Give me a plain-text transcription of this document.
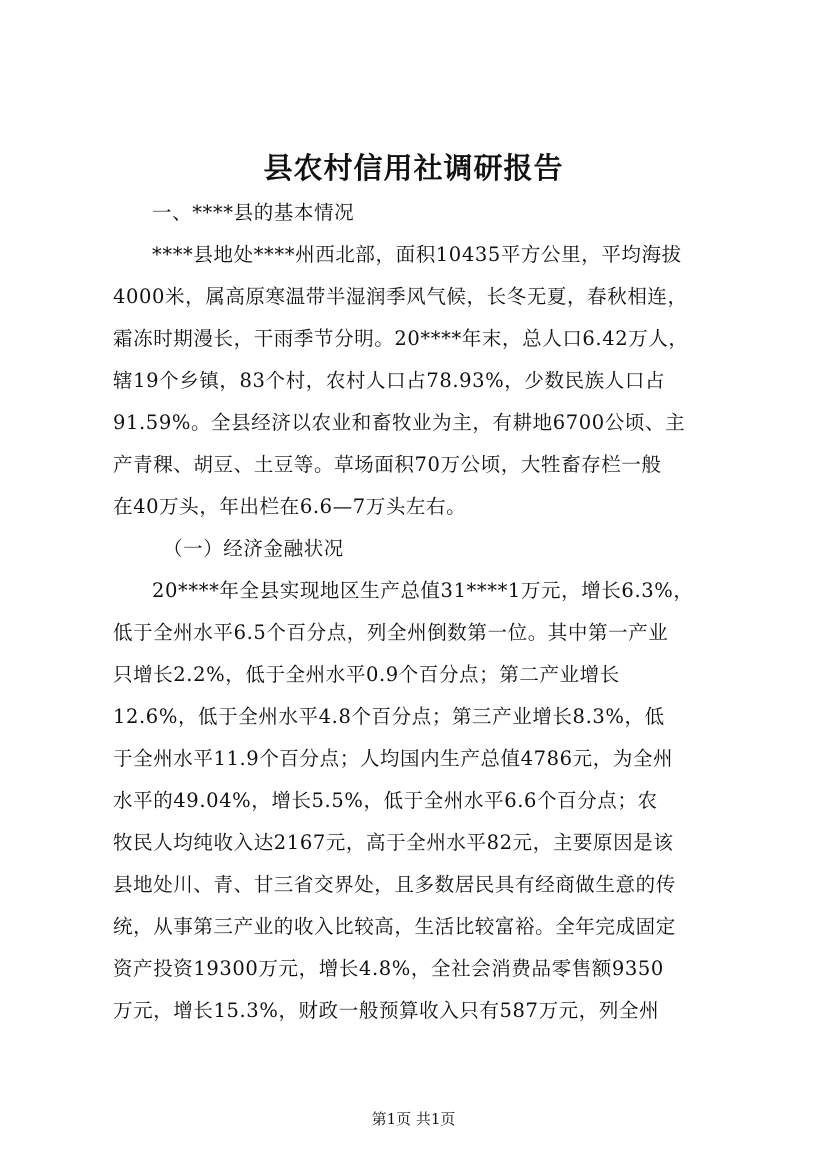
县农村信用社调研报告
一、****县的基本情况
****县地处****州西北部，面积10435平方公里，平均海拔
4000米，属高原寒温带半湿润季风气候，长冬无夏，春秋相连，
霜冻时期漫长，干雨季节分明。20****年末，总人口6.42万人，
辖19个乡镇，83个村，农村人口占78.93%，少数民族人口占
91.59%。全县经济以农业和畜牧业为主，有耕地6700公顷、主
产青稞、胡豆、土豆等。草场面积70万公顷，大牲畜存栏一般
在40万头，年出栏在6.6—7万头左右。
（一）经济金融状况
20****年全县实现地区生产总值31****1万元，增长6.3%，
低于全州水平6.5个百分点，列全州倒数第一位。其中第一产业
只增长2.2%，低于全州水平0.9个百分点；第二产业增长
12.6%，低于全州水平4.8个百分点；第三产业增长8.3%，低
于全州水平11.9个百分点；人均国内生产总值4786元，为全州
水平的49.04%，增长5.5%，低于全州水平6.6个百分点；农
牧民人均纯收入达2167元，高于全州水平82元，主要原因是该
县地处川、青、甘三省交界处，且多数居民具有经商做生意的传
统，从事第三产业的收入比较高，生活比较富裕。全年完成固定
资产投资19300万元，增长4.8%，全社会消费品零售额9350
万元，增长15.3%，财政一般预算收入只有587万元，列全州
第1页 共1页
